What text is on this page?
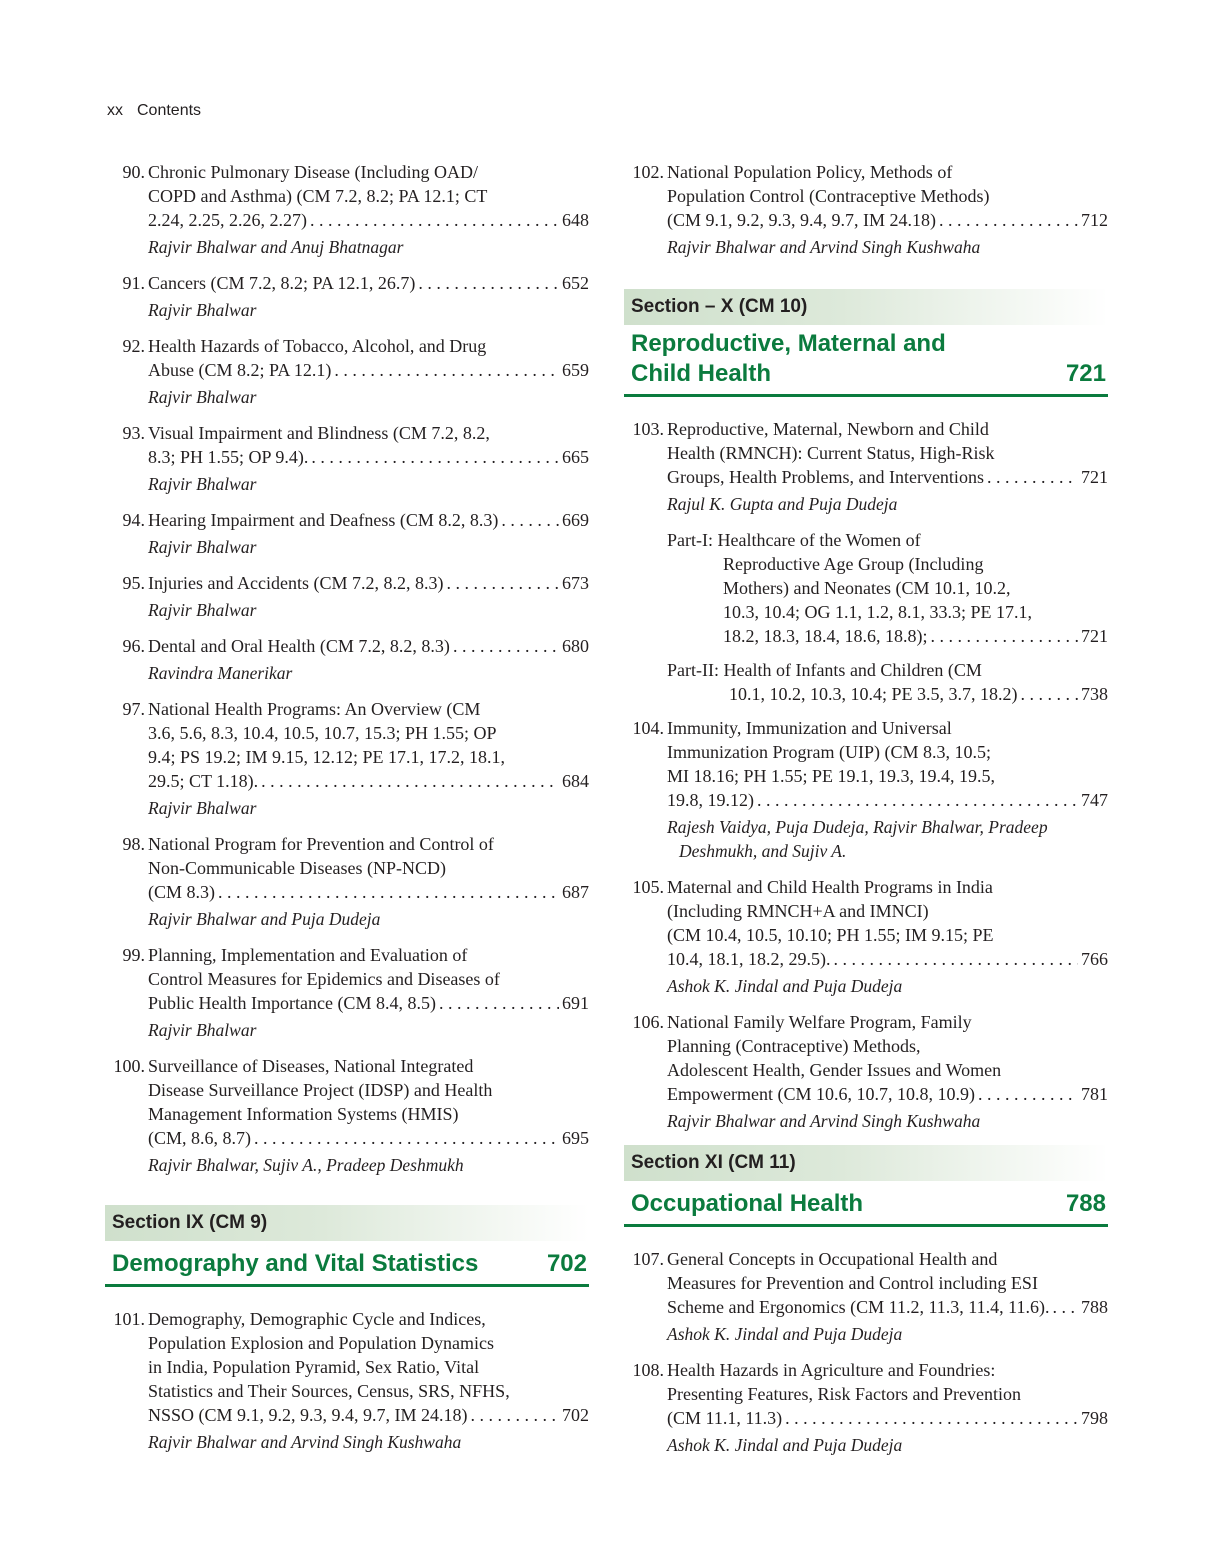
xx Contents
90. Chronic Pulmonary Disease (Including OAD/
COPD and Asthma) (CM 7.2, 8.2; PA 12.1; CT

2.24, 2.25, 2.26, 2.27) . . .	648
Rajvir Bhalwar and Anuj Bhatnagar
91. Cancers (CM 7.2, 8.2; PA 12.1, 26.7) . . .	652
Rajvir Bhalwar
92. Health Hazards of Tobacco, Alcohol, and Drug

Abuse (CM 8.2; PA 12.1) . . .	659
Rajvir Bhalwar
93. Visual Impairment and Blindness (CM 7.2, 8.2,

8.3; PH 1.55; OP 9.4). . . .	665
Rajvir Bhalwar
94. Hearing Impairment and Deafness (CM 8.2, 8.3) . . .	669
Rajvir Bhalwar
95. Injuries and Accidents (CM 7.2, 8.2, 8.3) . . .	673
Rajvir Bhalwar
96. Dental and Oral Health (CM 7.2, 8.2, 8.3) . . .	680
Ravindra Manerikar
97. National Health Programs: An Overview (CM
3.6, 5.6, 8.3, 10.4, 10.5, 10.7, 15.3; PH 1.55; OP
9.4; PS 19.2; IM 9.15, 12.12; PE 17.1, 17.2, 18.1,

29.5; CT 1.18). . . .	684
Rajvir Bhalwar
98. National Program for Prevention and Control of
Non-Communicable Diseases (NP-NCD)

(CM 8.3) . . .	687
Rajvir Bhalwar and Puja Dudeja
99. Planning, Implementation and Evaluation of
Control Measures for Epidemics and Diseases of

Public Health Importance (CM 8.4, 8.5) . . .	691
Rajvir Bhalwar
100. Surveillance of Diseases, National Integrated
Disease Surveillance Project (IDSP) and Health
Management Information Systems (HMIS)

(CM, 8.6, 8.7) . . .	695
Rajvir Bhalwar, Sujiv A., Pradeep Deshmukh
Section IX (CM 9)
Demography and Vital Statistics	702
101. Demography, Demographic Cycle and Indices,
Population Explosion and Population Dynamics
in India, Population Pyramid, Sex Ratio, Vital
Statistics and Their Sources, Census, SRS, NFHS,

NSSO (CM 9.1, 9.2, 9.3, 9.4, 9.7, IM 24.18) . . .	702
Rajvir Bhalwar and Arvind Singh Kushwaha
102. National Population Policy, Methods of
Population Control (Contraceptive Methods)

(CM 9.1, 9.2, 9.3, 9.4, 9.7, IM 24.18) . . .	712
Rajvir Bhalwar and Arvind Singh Kushwaha
Section – X (CM 10)
Reproductive, Maternal and
Child Health	721
103. Reproductive, Maternal, Newborn and Child
Health (RMNCH): Current Status, High-Risk
Groups, Health Problems, and Interventions . . .	721
Rajul K. Gupta and Puja Dudeja
Part-I: Healthcare of the Women of
Reproductive Age Group (Including
Mothers) and Neonates (CM 10.1, 10.2,
10.3, 10.4; OG 1.1, 1.2, 8.1, 33.3; PE 17.1,
18.2, 18.3, 18.4, 18.6, 18.8); . . .	721
Part-II: Health of Infants and Children (CM
10.1, 10.2, 10.3, 10.4; PE 3.5, 3.7, 18.2) . . .	738
104. Immunity, Immunization and Universal
Immunization Program (UIP) (CM 8.3, 10.5;
MI 18.16; PH 1.55; PE 19.1, 19.3, 19.4, 19.5,

19.8, 19.12) . . .	747
Rajesh Vaidya, Puja Dudeja, Rajvir Bhalwar, Pradeep Deshmukh, and Sujiv A.
105. Maternal and Child Health Programs in India
(Including RMNCH+A and IMNCI)
(CM 10.4, 10.5, 10.10; PH 1.55; IM 9.15; PE

10.4, 18.1, 18.2, 29.5). . . .	766
Ashok K. Jindal and Puja Dudeja
106. National Family Welfare Program, Family
Planning (Contraceptive) Methods,
Adolescent Health, Gender Issues and Women

Empowerment (CM 10.6, 10.7, 10.8, 10.9) . . .	781
Rajvir Bhalwar and Arvind Singh Kushwaha
Section XI (CM 11)
Occupational Health	788
107. General Concepts in Occupational Health and
Measures for Prevention and Control including ESI

Scheme and Ergonomics (CM 11.2, 11.3, 11.4, 11.6). . . . 788
Ashok K. Jindal and Puja Dudeja
108. Health Hazards in Agriculture and Foundries:
Presenting Features, Risk Factors and Prevention

(CM 11.1, 11.3) . . .	798
Ashok K. Jindal and Puja Dudeja
